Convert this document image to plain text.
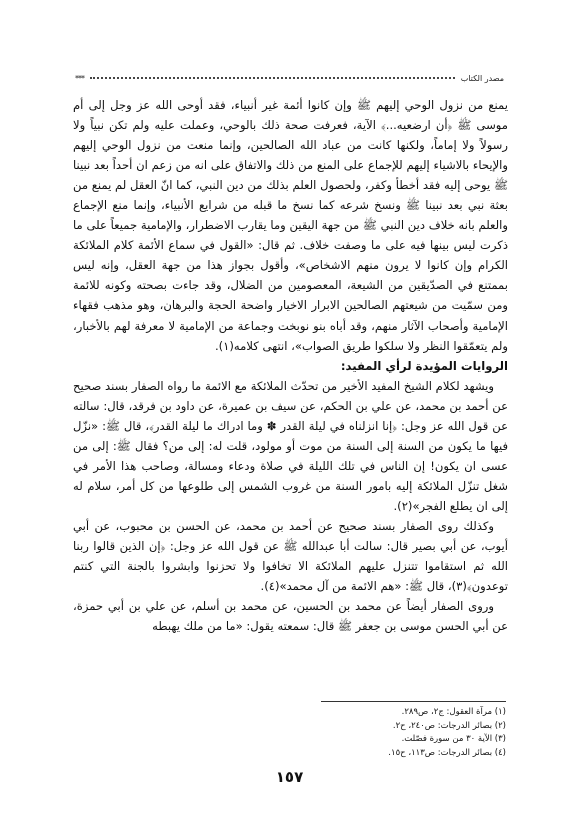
مصدر الكتاب
***

يمنع من نزول الوحي إليهم ﷺ وإن كانوا أئمة غير أنبياء، فقد أوحى الله عز وجل إلى أم موسى ﷺ ﴿أن ارضعيه...﴾ الآية، فعرفت صحة ذلك بالوحي، وعملت عليه ولم تكن نبياً ولا رسولاً ولا إماماً، ولكنها كانت من عباد الله الصالحين، وإنما منعت من نزول الوحي إليهم والإيحاء بالاشياء إليهم للإجماع على المنع من ذلك والاتفاق على انه من زعم ان أحداً بعد نبينا ﷺ يوحى إليه فقد أخطأ وكفر، ولحصول العلم بذلك من دين النبي، كما انّ العقل لم يمنع من بعثة نبي بعد نبينا ﷺ ونسخ شرعه كما نسخ ما قبله من شرايع الأنبياء، وإنما منع الإجماع والعلم بانه خلاف دين النبي ﷺ من جهة اليقين وما يقارب الاضطرار، والإمامية جميعاً على ما ذكرت ليس بينها فيه على ما وصفت خلاف. ثم قال: «القول في سماع الأئمة كلام الملائكة الكرام وإن كانوا لا يرون منهم الاشخاص»، وأقول بجواز هذا من جهة العقل، وإنه ليس بممتنع في الصدّيقين من الشيعة، المعصومين من الضلال، وقد جاءت بصحته وكونه للائمة ومن سمّيت من شيعتهم الصالحين الابرار الاخيار واضحة الحجة والبرهان، وهو مذهب فقهاء الإمامية وأصحاب الآثار منهم، وقد أباه بنو نوبخت وجماعة من الإمامية لا معرفة لهم بالأخبار، ولم يتعمّقوا النظر ولا سلكوا طريق الصواب»، انتهى كلامه(١).

الروايات المؤيدة لرأي المفيد:

ويشهد لكلام الشيخ المفيد الأخير من تحدّث الملائكة مع الائمة ما رواه الصفار بسند صحيح عن أحمد بن محمد، عن علي بن الحكم، عن سيف بن عميرة، عن داود بن فرقد، قال: سالته عن قول الله عز وجل: ﴿إنا انزلناه في ليلة القدر ✽ وما ادراك ما ليلة القدر﴾، قال ﷺ: «نزّل فيها ما يكون من السنة إلى السنة من موت أو مولود، قلت له: إلى من؟ فقال ﷺ: إلى من عسى ان يكون! إن الناس في تلك الليلة في صلاة ودعاء ومسالة، وصاحب هذا الأمر في شغل تنزّل الملائكة إليه بامور السنة من غروب الشمس إلى طلوعها من كل أمر، سلام له إلى ان يطلع الفجر»(٢).

وكذلك روى الصفار بسند صحيح عن أحمد بن محمد، عن الحسن بن محبوب، عن أبي أيوب، عن أبي بصير قال: سالت أبا عبدالله ﷺ عن قول الله عز وجل: ﴿إن الذين قالوا ربنا الله ثم استقاموا تتنزل عليهم الملائكة الا تخافوا ولا تحزنوا وابشروا بالجنة التي كنتم توعدون﴾(٣)، قال ﷺ: «هم الائمة من آل محمد»(٤).

وروى الصفار أيضاً عن محمد بن الحسين، عن محمد بن أسلم، عن علي بن أبي حمزة، عن أبي الحسن موسى بن جعفر ﷺ قال: سمعته يقول: «ما من ملك يهبطه

(١) مرآة العقول: ج٢، ص٢٨٩.
(٢) بصائر الدرجات: ص٢٤٠، ح٢.
(٣) الآية ٣٠ من سورة فصّلت.
(٤) بصائر الدرجات: ص١١٣، ح١٥.
١٥٧
